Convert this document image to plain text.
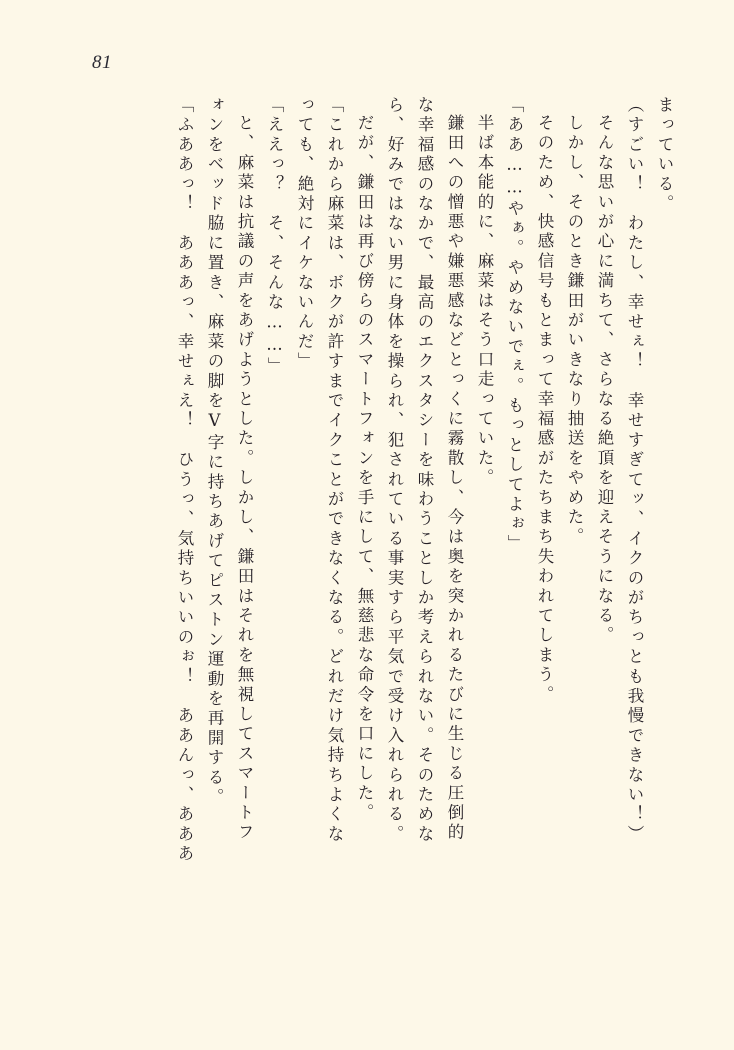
81
まっている。
（すごい！　わたし、幸せぇ！　幸せすぎてッ、イクのがちっとも我慢できない！）
そんな思いが心に満ちて、さらなる絶頂を迎えそうになる。
しかし、そのとき鎌田がいきなり抽送をやめた。
そのため、快感信号もとまって幸福感がたちまち失われてしまう。
「ああ……やぁ。やめないでぇ。もっとしてよぉ」
半ば本能的に、麻菜はそう口走っていた。
鎌田への憎悪や嫌悪感などとっくに霧散し、今は奥を突かれるたびに生じる圧倒的
な幸福感のなかで、最高のエクスタシーを味わうことしか考えられない。そのためな
ら、好みではない男に身体を操られ、犯されている事実すら平気で受け入れられる。
だが、鎌田は再び傍らのスマートフォンを手にして、無慈悲な命令を口にした。
「これから麻菜は、ボクが許すまでイクことができなくなる。どれだけ気持ちよくな
っても、絶対にイケないんだ」
「ええっ？　そ、そんな……」
と、麻菜は抗議の声をあげようとした。しかし、鎌田はそれを無視してスマートフ
ォンをベッド脇に置き、麻菜の脚をV字に持ちあげてピストン運動を再開する。
「ふああっ！　あああっ、幸せぇえ！　ひうっ、気持ちいいのぉ！　ああんっ、あああ
